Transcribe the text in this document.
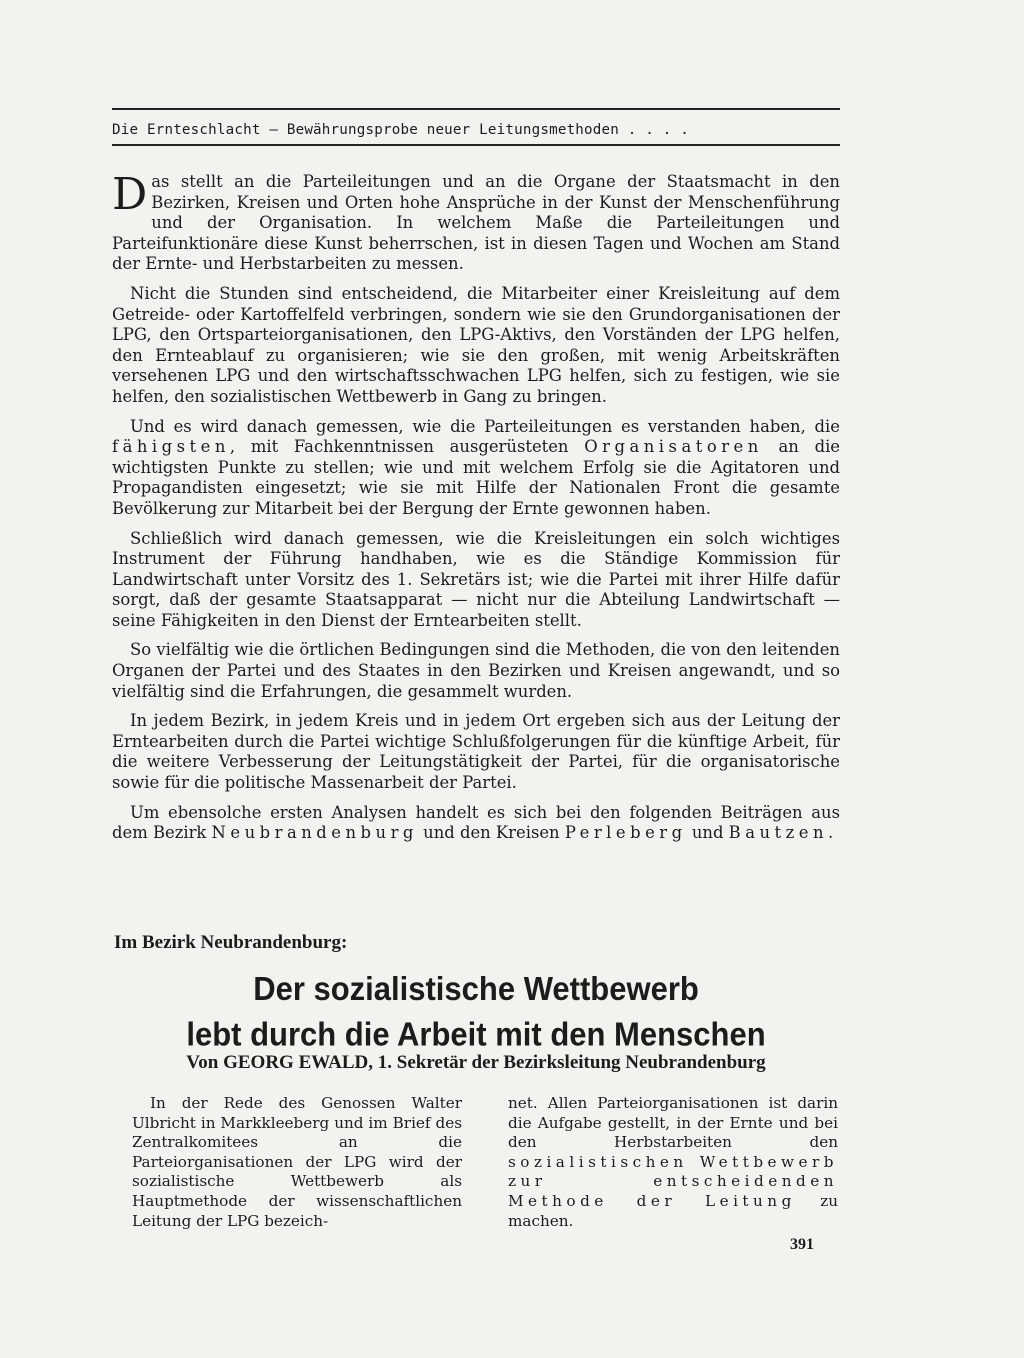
Die Ernteschlacht – Bewährungsprobe neuer Leitungsmethoden . . . .

Das stellt an die Parteileitungen und an die Organe der Staatsmacht in den Bezirken, Kreisen und Orten hohe Ansprüche in der Kunst der Menschenführung und der Organisation. In welchem Maße die Parteileitungen und Parteifunktionäre diese Kunst beherrschen, ist in diesen Tagen und Wochen am Stand der Ernte- und Herbstarbeiten zu messen.

Nicht die Stunden sind entscheidend, die Mitarbeiter einer Kreisleitung auf dem Getreide- oder Kartoffelfeld verbringen, sondern wie sie den Grundorganisationen der LPG, den Ortsparteiorganisationen, den LPG-Aktivs, den Vorständen der LPG helfen, den Ernteablauf zu organisieren; wie sie den großen, mit wenig Arbeitskräften versehenen LPG und den wirtschaftsschwachen LPG helfen, sich zu festigen, wie sie helfen, den sozialistischen Wettbewerb in Gang zu bringen.

Und es wird danach gemessen, wie die Parteileitungen es verstanden haben, die fähigsten, mit Fachkenntnissen ausgerüsteten Organisatoren an die wichtigsten Punkte zu stellen; wie und mit welchem Erfolg sie die Agitatoren und Propagandisten eingesetzt; wie sie mit Hilfe der Nationalen Front die gesamte Bevölkerung zur Mitarbeit bei der Bergung der Ernte gewonnen haben.

Schließlich wird danach gemessen, wie die Kreisleitungen ein solch wichtiges Instrument der Führung handhaben, wie es die Ständige Kommission für Landwirtschaft unter Vorsitz des 1. Sekretärs ist; wie die Partei mit ihrer Hilfe dafür sorgt, daß der gesamte Staatsapparat — nicht nur die Abteilung Landwirtschaft — seine Fähigkeiten in den Dienst der Erntearbeiten stellt.

So vielfältig wie die örtlichen Bedingungen sind die Methoden, die von den leitenden Organen der Partei und des Staates in den Bezirken und Kreisen angewandt, und so vielfältig sind die Erfahrungen, die gesammelt wurden.

In jedem Bezirk, in jedem Kreis und in jedem Ort ergeben sich aus der Leitung der Erntearbeiten durch die Partei wichtige Schlußfolgerungen für die künftige Arbeit, für die weitere Verbesserung der Leitungstätigkeit der Partei, für die organisatorische sowie für die politische Massenarbeit der Partei.

Um ebensolche ersten Analysen handelt es sich bei den folgenden Beiträgen aus dem Bezirk Neubrandenburg und den Kreisen Perleberg und Bautzen.

Im Bezirk Neubrandenburg:
Der sozialistische Wettbewerb
lebt durch die Arbeit mit den Menschen
Von GEORG EWALD, 1. Sekretär der Bezirksleitung Neubrandenburg

In der Rede des Genossen Walter Ulbricht in Markkleeberg und im Brief des Zentralkomitees an die Parteiorganisationen der LPG wird der sozialistische Wettbewerb als Hauptmethode der wissenschaftlichen Leitung der LPG bezeich-

net. Allen Parteiorganisationen ist darin die Aufgabe gestellt, in der Ernte und bei den Herbstarbeiten den sozialistischen Wettbewerb zur entscheidenden Methode der Leitung zu machen.

391
